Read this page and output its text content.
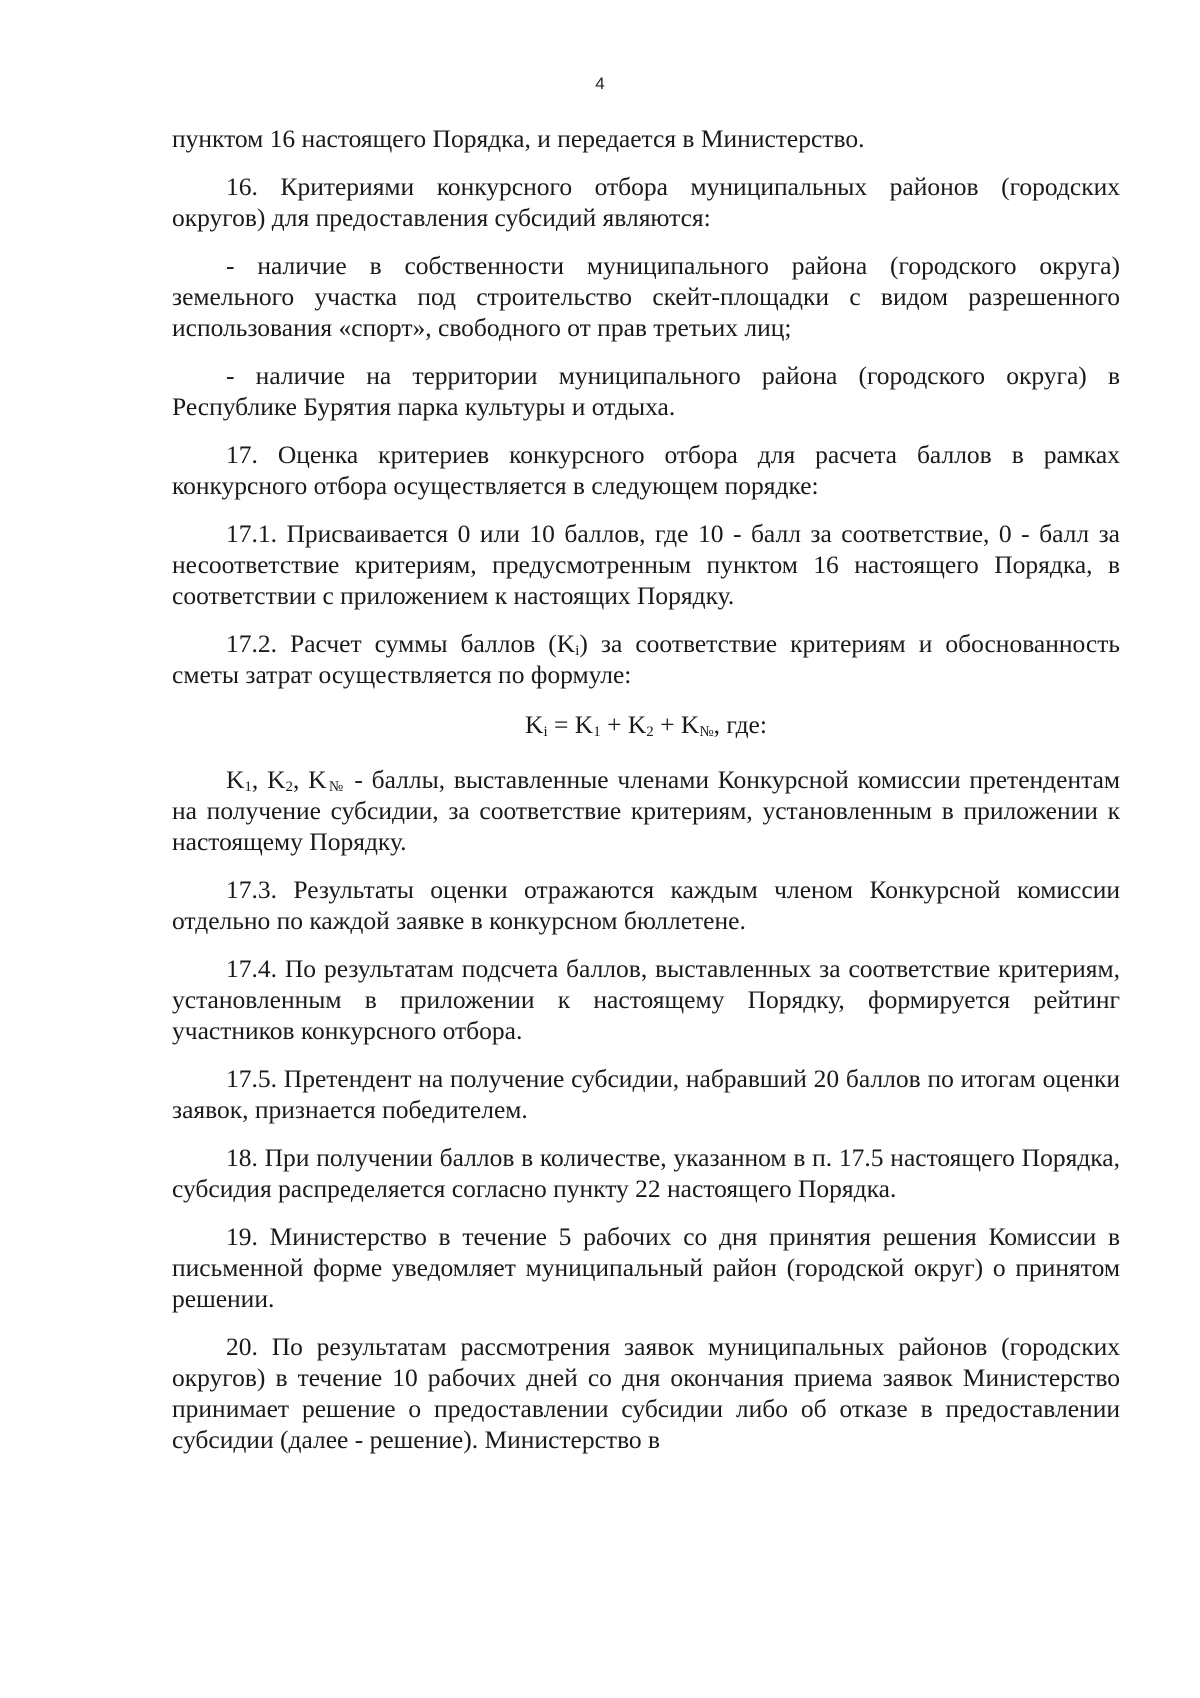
4

пунктом 16 настоящего Порядка, и передается в Министерство.

16. Критериями конкурсного отбора муниципальных районов (городских округов) для предоставления субсидий являются:

- наличие в собственности муниципального района (городского округа) земельного участка под строительство скейт-площадки с видом разрешенного использования «спорт», свободного от прав третьих лиц;

- наличие на территории муниципального района (городского округа) в Республике Бурятия парка культуры и отдыха.

17. Оценка критериев конкурсного отбора для расчета баллов в рамках конкурсного отбора осуществляется в следующем порядке:

17.1. Присваивается 0 или 10 баллов, где 10 - балл за соответствие, 0 - балл за несоответствие критериям, предусмотренным пунктом 16 настоящего Порядка, в соответствии с приложением к настоящих Порядку.

17.2. Расчет суммы баллов $(K_i)$ за соответствие критериям и обоснованность сметы затрат осуществляется по формуле:

$K_i = K_1 + K_2 + K_№$, где:

$K_1$, $K_2$, $K_№$ - баллы, выставленные членами Конкурсной комиссии претендентам на получение субсидии, за соответствие критериям, установленным в приложении к настоящему Порядку.

17.3. Результаты оценки отражаются каждым членом Конкурсной комиссии отдельно по каждой заявке в конкурсном бюллетене.

17.4. По результатам подсчета баллов, выставленных за соответствие критериям, установленным в приложении к настоящему Порядку, формируется рейтинг участников конкурсного отбора.

17.5. Претендент на получение субсидии, набравший 20 баллов по итогам оценки заявок, признается победителем.

18. При получении баллов в количестве, указанном в п. 17.5 настоящего Порядка, субсидия распределяется согласно пункту 22 настоящего Порядка.

19. Министерство в течение 5 рабочих со дня принятия решения Комиссии в письменной форме уведомляет муниципальный район (городской округ) о принятом решении.

20. По результатам рассмотрения заявок муниципальных районов (городских округов) в течение 10 рабочих дней со дня окончания приема заявок Министерство принимает решение о предоставлении субсидии либо об отказе в предоставлении субсидии (далее - решение). Министерство в
